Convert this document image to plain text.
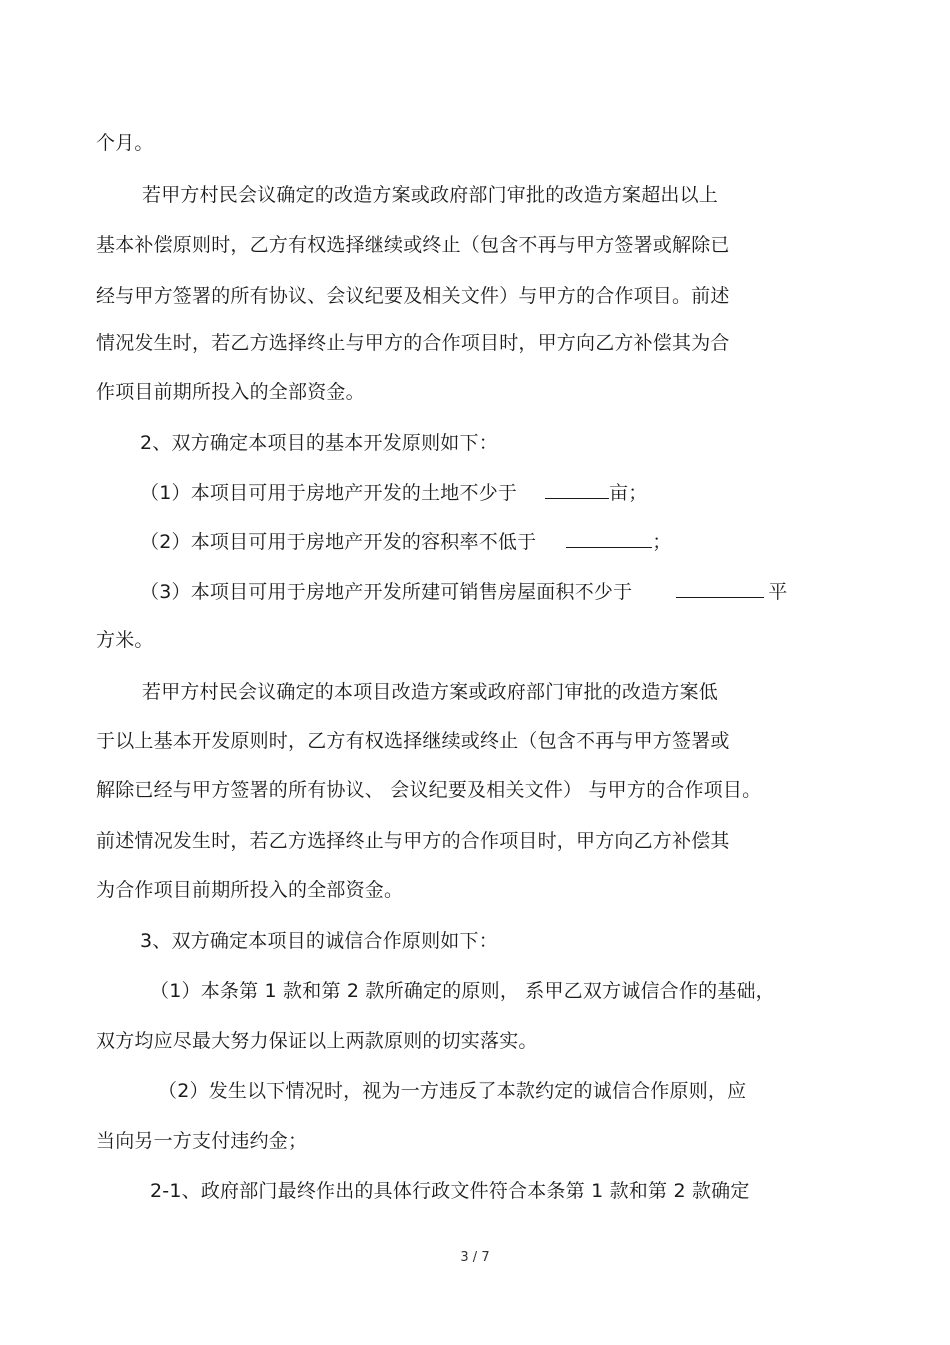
个月。
若甲方村民会议确定的改造方案或政府部门审批的改造方案超出以上
基本补偿原则时，乙方有权选择继续或终止（包含不再与甲方签署或解除已
经与甲方签署的所有协议、会议纪要及相关文件）与甲方的合作项目。前述
情况发生时，若乙方选择终止与甲方的合作项目时，甲方向乙方补偿其为合
作项目前期所投入的全部资金。
2、双方确定本项目的基本开发原则如下：
（1）本项目可用于房地产开发的土地不少于	亩；
（2）本项目可用于房地产开发的容积率不低于	；
（3）本项目可用于房地产开发所建可销售房屋面积不少于	平
方米。
若甲方村民会议确定的本项目改造方案或政府部门审批的改造方案低
于以上基本开发原则时，乙方有权选择继续或终止（包含不再与甲方签署或
解除已经与甲方签署的所有协议、 会议纪要及相关文件） 与甲方的合作项目。
前述情况发生时，若乙方选择终止与甲方的合作项目时，甲方向乙方补偿其
为合作项目前期所投入的全部资金。
3、双方确定本项目的诚信合作原则如下：
（1）本条第 1 款和第 2 款所确定的原则， 系甲乙双方诚信合作的基础，
双方均应尽最大努力保证以上两款原则的切实落实。
（2）发生以下情况时，视为一方违反了本款约定的诚信合作原则，应
当向另一方支付违约金；
2-1、政府部门最终作出的具体行政文件符合本条第 1 款和第 2 款确定
3 / 7
